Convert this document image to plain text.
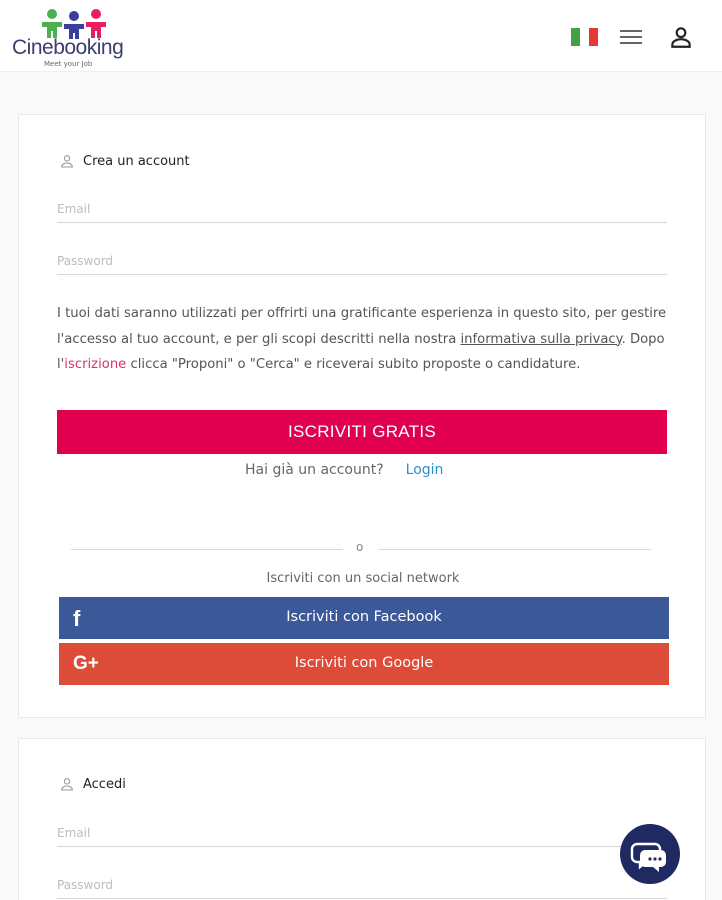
Cinebooking
Meet your Job
Crea un account
Email

I tuoi dati saranno utilizzati per offrirti una gratificante esperienza in questo sito, per gestire l'accesso al tuo account, e per gli scopi descritti nella nostra informativa sulla privacy. Dopo l'iscrizione clicca "Proponi" o "Cerca" e riceverai subito proposte o candidature.

ISCRIVITI GRATIS
Hai già un account? Login
o
Iscriviti con un social network
f	Iscriviti con Facebook
G+	Iscriviti con Google
Accedi
Email
